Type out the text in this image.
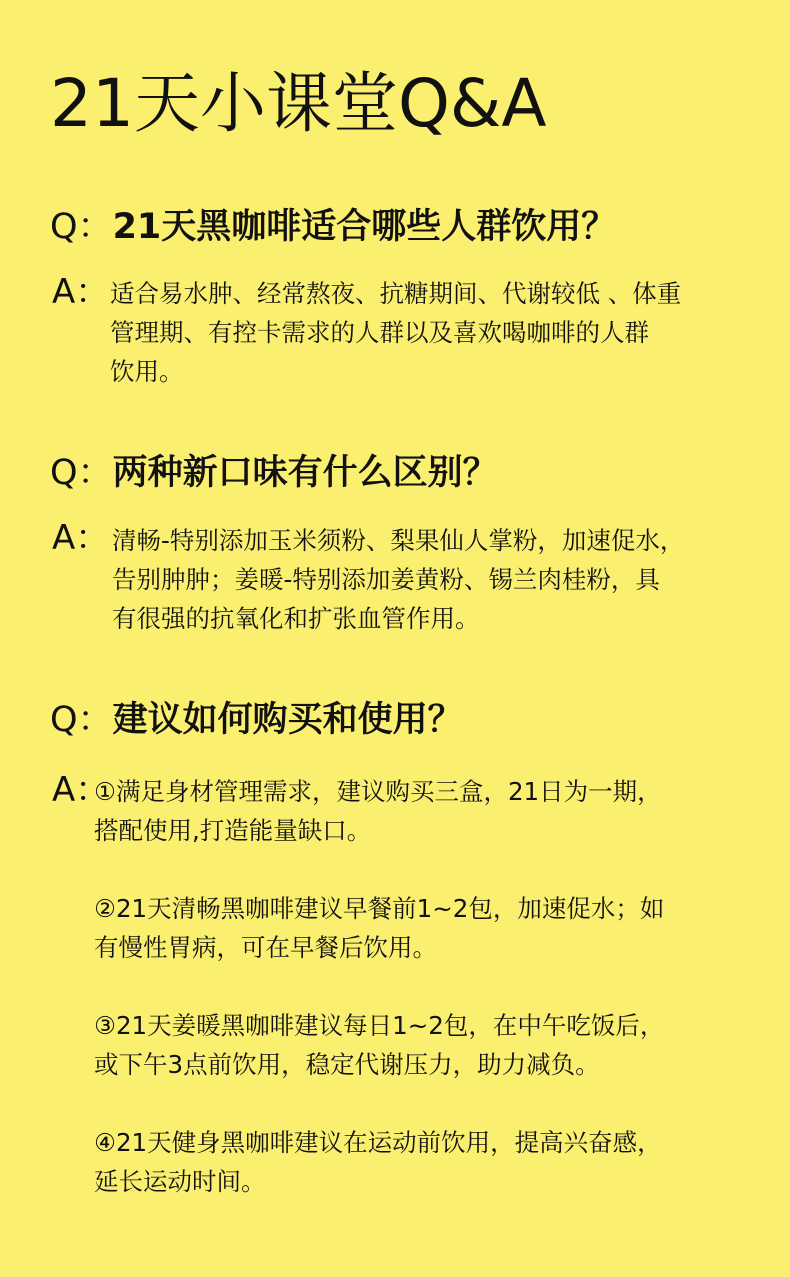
21天小课堂Q&A
Q：21天黑咖啡适合哪些人群饮用？
A： 适合易水肿、经常熬夜、抗糖期间、代谢较低 、体重
管理期、有控卡需求的人群以及喜欢喝咖啡的人群
饮用。
Q：两种新口味有什么区别？
A： 清畅-特别添加玉米须粉、梨果仙人掌粉，加速促水，
告别肿肿；姜暖-特别添加姜黄粉、锡兰肉桂粉，具
有很强的抗氧化和扩张血管作用。
Q：建议如何购买和使用？
A：
①满足身材管理需求，建议购买三盒，21日为一期，
搭配使用,打造能量缺口。
②21天清畅黑咖啡建议早餐前1~2包，加速促水；如
有慢性胃病，可在早餐后饮用。
③21天姜暖黑咖啡建议每日1~2包，在中午吃饭后，
或下午3点前饮用，稳定代谢压力，助力减负。
④21天健身黑咖啡建议在运动前饮用，提高兴奋感，
延长运动时间。
